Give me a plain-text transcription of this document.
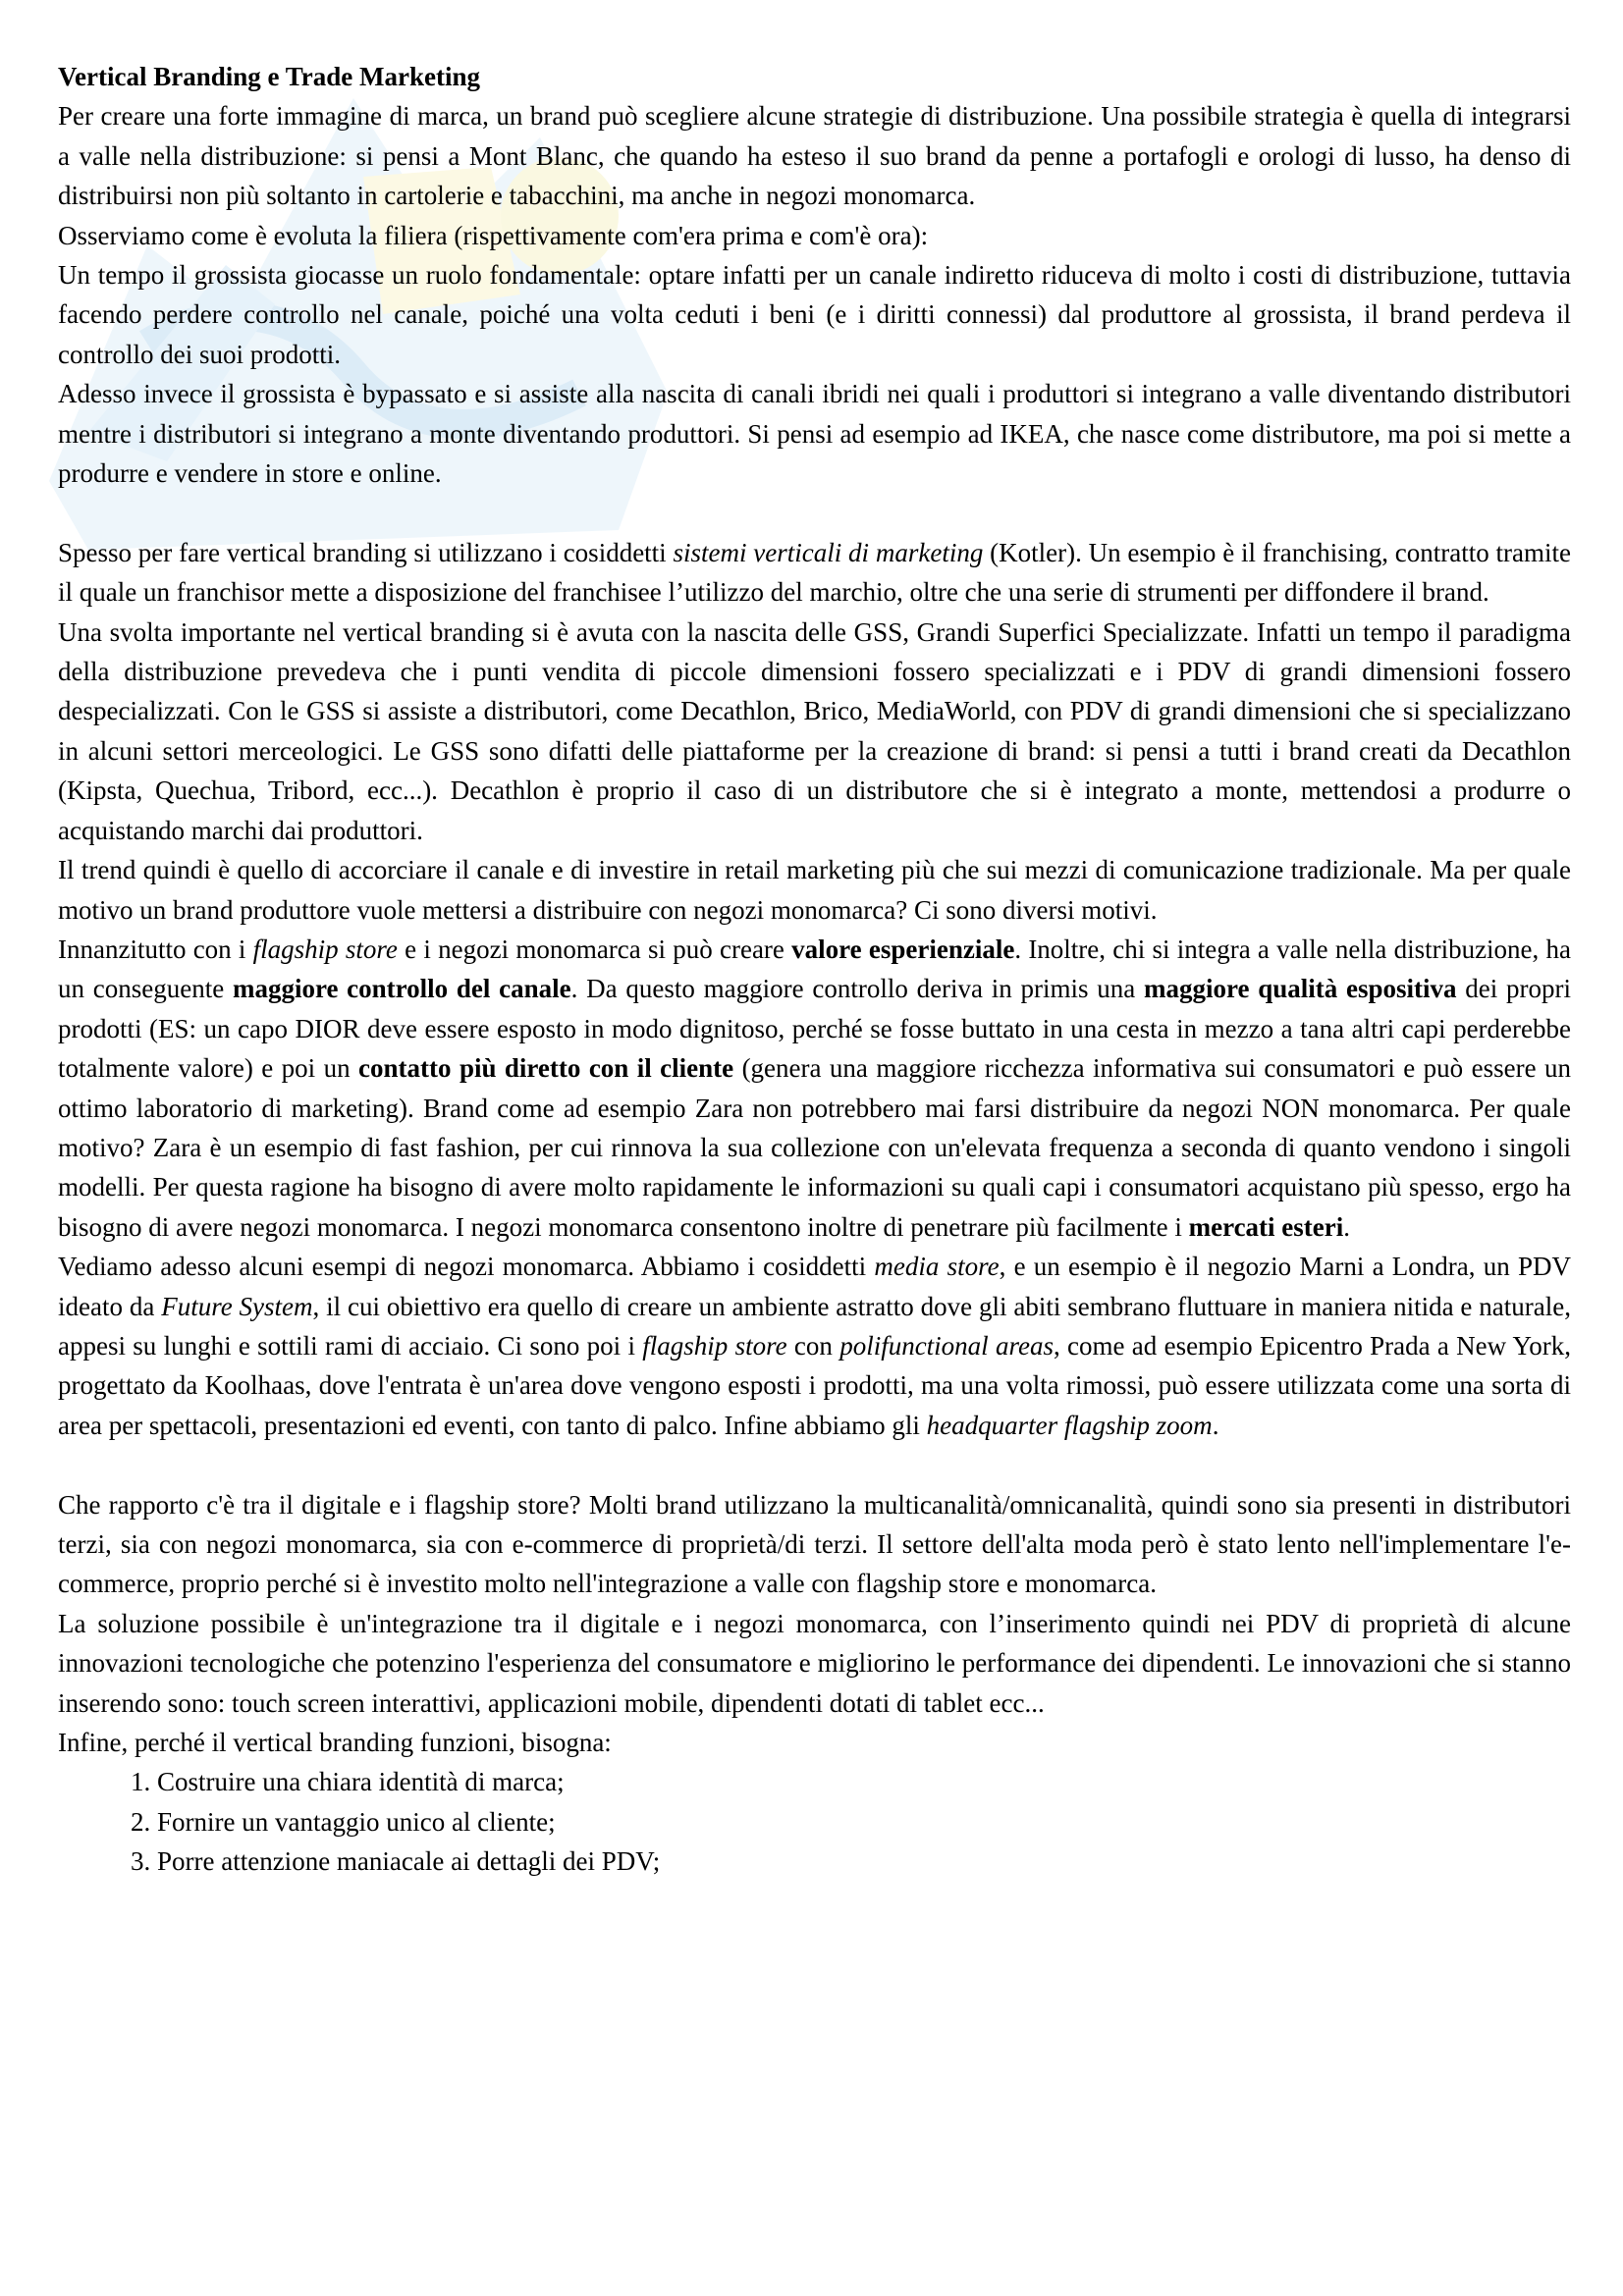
Vertical Branding e Trade Marketing

Per creare una forte immagine di marca, un brand può scegliere alcune strategie di distribuzione. Una possibile strategia è quella di integrarsi a valle nella distribuzione: si pensi a Mont Blanc, che quando ha esteso il suo brand da penne a portafogli e orologi di lusso, ha denso di distribuirsi non più soltanto in cartolerie e tabacchini, ma anche in negozi monomarca.

Osserviamo come è evoluta la filiera (rispettivamente com'era prima e com'è ora):

Un tempo il grossista giocasse un ruolo fondamentale: optare infatti per un canale indiretto riduceva di molto i costi di distribuzione, tuttavia facendo perdere controllo nel canale, poiché una volta ceduti i beni (e i diritti connessi) dal produttore al grossista, il brand perdeva il controllo dei suoi prodotti.

Adesso invece il grossista è bypassato e si assiste alla nascita di canali ibridi nei quali i produttori si integrano a valle diventando distributori mentre i distributori si integrano a monte diventando produttori. Si pensi ad esempio ad IKEA, che nasce come distributore, ma poi si mette a produrre e vendere in store e online.

Spesso per fare vertical branding si utilizzano i cosiddetti sistemi verticali di marketing (Kotler). Un esempio è il franchising, contratto tramite il quale un franchisor mette a disposizione del franchisee l’utilizzo del marchio, oltre che una serie di strumenti per diffondere il brand.

Una svolta importante nel vertical branding si è avuta con la nascita delle GSS, Grandi Superfici Specializzate. Infatti un tempo il paradigma della distribuzione prevedeva che i punti vendita di piccole dimensioni fossero specializzati e i PDV di grandi dimensioni fossero despecializzati. Con le GSS si assiste a distributori, come Decathlon, Brico, MediaWorld, con PDV di grandi dimensioni che si specializzano in alcuni settori merceologici. Le GSS sono difatti delle piattaforme per la creazione di brand: si pensi a tutti i brand creati da Decathlon (Kipsta, Quechua, Tribord, ecc...). Decathlon è proprio il caso di un distributore che si è integrato a monte, mettendosi a produrre o acquistando marchi dai produttori.

Il trend quindi è quello di accorciare il canale e di investire in retail marketing più che sui mezzi di comunicazione tradizionale. Ma per quale motivo un brand produttore vuole mettersi a distribuire con negozi monomarca? Ci sono diversi motivi.

Innanzitutto con i flagship store e i negozi monomarca si può creare valore esperienziale. Inoltre, chi si integra a valle nella distribuzione, ha un conseguente maggiore controllo del canale. Da questo maggiore controllo deriva in primis una maggiore qualità espositiva dei propri prodotti (ES: un capo DIOR deve essere esposto in modo dignitoso, perché se fosse buttato in una cesta in mezzo a tana altri capi perderebbe totalmente valore) e poi un contatto più diretto con il cliente (genera una maggiore ricchezza informativa sui consumatori e può essere un ottimo laboratorio di marketing). Brand come ad esempio Zara non potrebbero mai farsi distribuire da negozi NON monomarca. Per quale motivo? Zara è un esempio di fast fashion, per cui rinnova la sua collezione con un'elevata frequenza a seconda di quanto vendono i singoli modelli. Per questa ragione ha bisogno di avere molto rapidamente le informazioni su quali capi i consumatori acquistano più spesso, ergo ha bisogno di avere negozi monomarca. I negozi monomarca consentono inoltre di penetrare più facilmente i mercati esteri.

Vediamo adesso alcuni esempi di negozi monomarca. Abbiamo i cosiddetti media store, e un esempio è il negozio Marni a Londra, un PDV ideato da Future System, il cui obiettivo era quello di creare un ambiente astratto dove gli abiti sembrano fluttuare in maniera nitida e naturale, appesi su lunghi e sottili rami di acciaio. Ci sono poi i flagship store con polifunctional areas, come ad esempio Epicentro Prada a New York, progettato da Koolhaas, dove l'entrata è un'area dove vengono esposti i prodotti, ma una volta rimossi, può essere utilizzata come una sorta di area per spettacoli, presentazioni ed eventi, con tanto di palco. Infine abbiamo gli headquarter flagship zoom.

Che rapporto c'è tra il digitale e i flagship store? Molti brand utilizzano la multicanalità/omnicanalità, quindi sono sia presenti in distributori terzi, sia con negozi monomarca, sia con e-commerce di proprietà/di terzi. Il settore dell'alta moda però è stato lento nell'implementare l'e-commerce, proprio perché si è investito molto nell'integrazione a valle con flagship store e monomarca.

La soluzione possibile è un'integrazione tra il digitale e i negozi monomarca, con l’inserimento quindi nei PDV di proprietà di alcune innovazioni tecnologiche che potenzino l'esperienza del consumatore e migliorino le performance dei dipendenti. Le innovazioni che si stanno inserendo sono: touch screen interattivi, applicazioni mobile, dipendenti dotati di tablet ecc...

Infine, perché il vertical branding funzioni, bisogna:

1. Costruire una chiara identità di marca;
2. Fornire un vantaggio unico al cliente;
3. Porre attenzione maniacale ai dettagli dei PDV;
